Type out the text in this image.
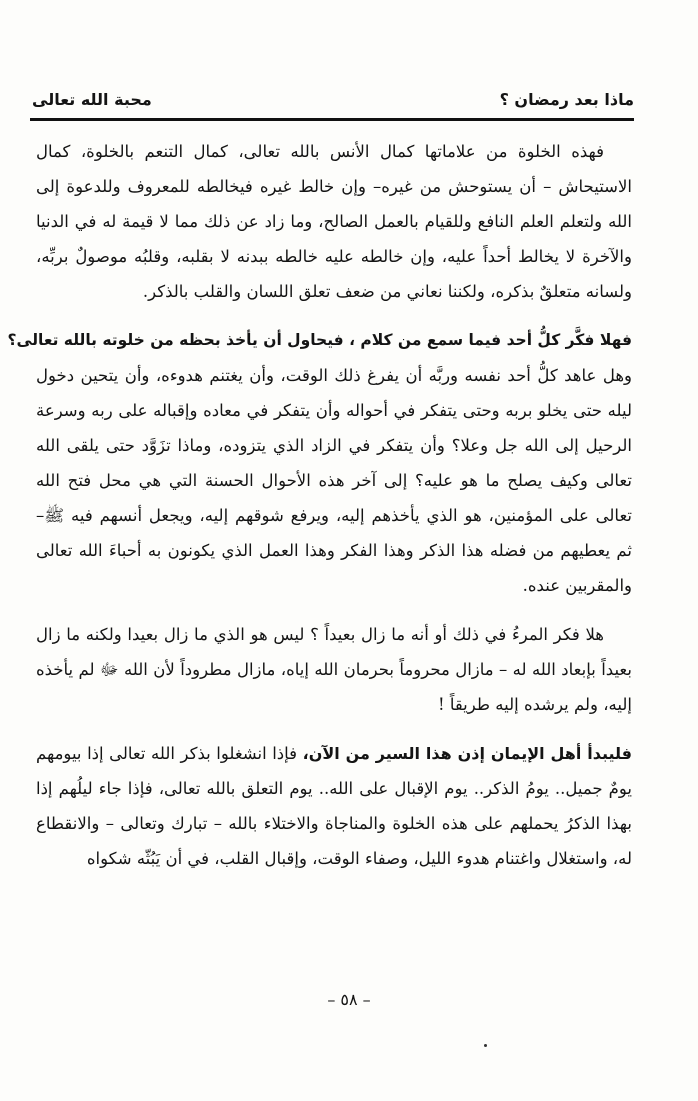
ماذا بعد رمضان ؟
محبة الله تعالى

فهذه الخلوة من علاماتها كمال الأنس بالله تعالى، كمال التنعم بالخلوة، كمال الاستيحاش – أن يستوحش من غيره– وإن خالط غيره فيخالطه للمعروف وللدعوة إلى الله ولتعلم العلم النافع وللقيام بالعمل الصالح، وما زاد عن ذلك مما لا قيمة له في الدنيا والآخرة لا يخالط أحداً عليه، وإن خالطه عليه خالطه ببدنه لا بقلبه، وقلبُه موصولٌ بربِّه، ولسانه متعلقٌ بذكره، ولكننا نعاني من ضعف تعلق اللسان والقلب بالذكر.

فهلا فكَّر كلُّ أحد فيما سمع من كلام ، فيحاول أن يأخذ بحظه من خلوته بالله تعالى؟

وهل عاهد كلُّ أحد نفسه وربَّه أن يفرغ ذلك الوقت، وأن يغتنم هدوءه، وأن يتحين دخول ليله حتى يخلو بربه وحتى يتفكر في أحواله وأن يتفكر في معاده وإقباله على ربه وسرعة الرحيل إلى الله جل وعلا؟ وأن يتفكر في الزاد الذي يتزوده، وماذا تزَوَّد حتى يلقى الله تعالى وكيف يصلح ما هو عليه؟ إلى آخر هذه الأحوال الحسنة التي هي محل فتح الله تعالى على المؤمنين، هو الذي يأخذهم إليه، ويرفع شوقهم إليه، ويجعل أنسهم فيه ﷺ– ثم يعطيهم من فضله هذا الذكر وهذا الفكر وهذا العمل الذي يكونون به أحباءَ الله تعالى والمقربين عنده.

هلا فكر المرءُ في ذلك أو أنه ما زال بعيداً ؟ ليس هو الذي ما زال بعيدا ولكنه ما زال بعيداً بإبعاد الله له – مازال محروماً بحرمان الله إياه، مازال مطروداً لأن الله ﷻ لم يأخذه إليه، ولم يرشده إليه طريقاً !

فليبدأ أهل الإيمان إذن هذا السير من الآن، فإذا انشغلوا بذكر الله تعالى إذا بيومهم يومٌ جميل.. يومُ الذكر.. يوم الإقبال على الله.. يوم التعلق بالله تعالى، فإذا جاء ليلُهم إذا بهذا الذكرُ يحملهم على هذه الخلوة والمناجاة والاختلاء بالله – تبارك وتعالى – والانقطاع له، واستغلال واغتنام هدوء الليل، وصفاء الوقت، وإقبال القلب، في أن يَبُثّه شكواه

– ٥٨ –
